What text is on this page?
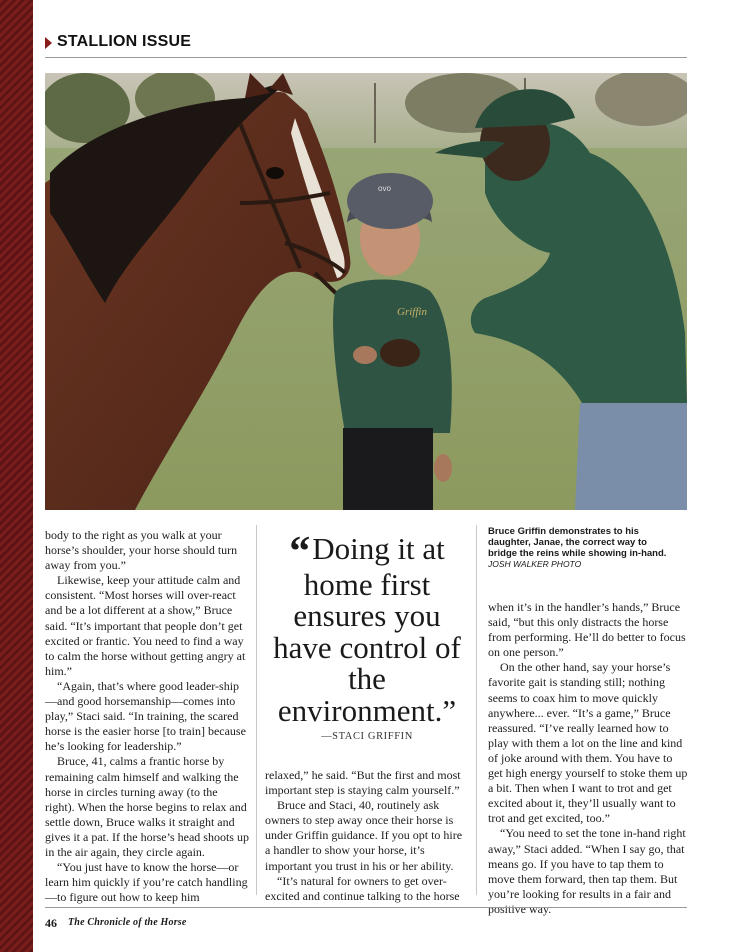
STALLION ISSUE
ovo
Griffin

body to the right as you walk at your horse’s shoulder, your horse should turn away from you.”

Likewise, keep your attitude calm and consistent. “Most horses will over-react and be a lot different at a show,” Bruce said. “It’s important that people don’t get excited or frantic. You need to find a way to calm the horse without getting angry at him.”

“Again, that’s where good leader-ship—and good horsemanship—comes into play,” Staci said. “In training, the scared horse is the easier horse [to train] because he’s looking for leadership.”

Bruce, 41, calms a frantic horse by remaining calm himself and walking the horse in circles turning away (to the right). When the horse begins to relax and settle down, Bruce walks it straight and gives it a pat. If the horse’s head shoots up in the air again, they circle again.

“You just have to know the horse—or learn him quickly if you’re catch handling—to figure out how to keep him

“Doing it at home first ensures you have control of the environment.”
—STACI GRIFFIN

relaxed,” he said. “But the first and most important step is staying calm yourself.”

Bruce and Staci, 40, routinely ask owners to step away once their horse is under Griffin guidance. If you opt to hire a handler to show your horse, it’s important you trust in his or her ability.

“It’s natural for owners to get over-excited and continue talking to the horse

Bruce Griffin demonstrates to his daughter, Janae, the correct way to bridge the reins while showing in-hand. JOSH WALKER PHOTO

when it’s in the handler’s hands,” Bruce said, “but this only distracts the horse from performing. He’ll do better to focus on one person.”

On the other hand, say your horse’s favorite gait is standing still; nothing seems to coax him to move quickly anywhere... ever. “It’s a game,” Bruce reassured. “I’ve really learned how to play with them a lot on the line and kind of joke around with them. You have to get high energy yourself to stoke them up a bit. Then when I want to trot and get excited about it, they’ll usually want to trot and get excited, too.”

“You need to set the tone in-hand right away,” Staci added. “When I say go, that means go. If you have to tap them to move them forward, then tap them. But you’re looking for results in a fair and positive way.

46 The Chronicle of the Horse
